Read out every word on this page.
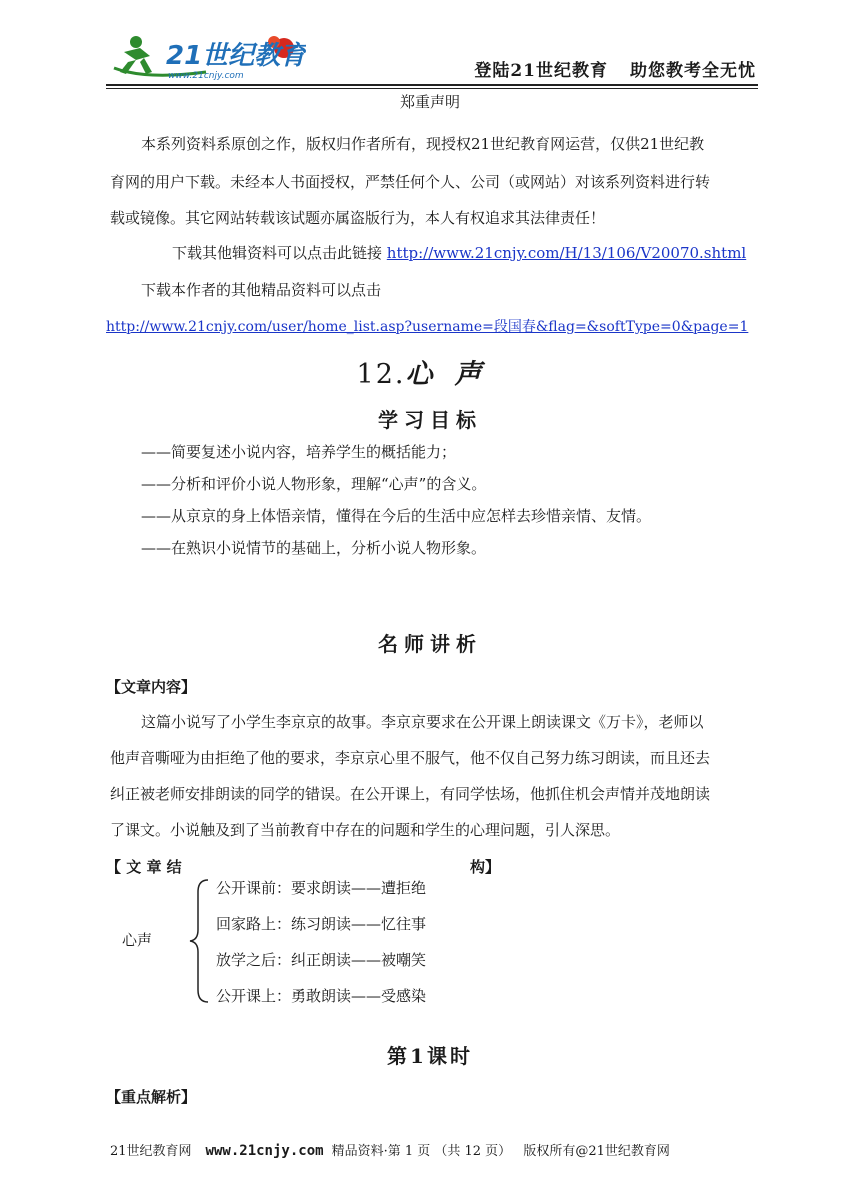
21世纪教育
www.21cnjy.com	登陆21世纪教育 助您教考全无忧
郑重声明
本系列资料系原创之作，版权归作者所有，现授权21世纪教育网运营，仅供21世纪教
育网的用户下载。未经本人书面授权，严禁任何个人、公司（或网站）对该系列资料进行转
载或镜像。其它网站转载该试题亦属盗版行为，本人有权追求其法律责任！
下载其他辑资料可以点击此链接 http://www.21cnjy.com/H/13/106/V20070.shtml
下载本作者的其他精品资料可以点击
http://www.21cnjy.com/user/home_list.asp?username=段国春&flag=&softType=0&page=1
12.心声
学习目标
——简要复述小说内容，培养学生的概括能力；
——分析和评价小说人物形象，理解“心声”的含义。
——从京京的身上体悟亲情，懂得在今后的生活中应怎样去珍惜亲情、友情。
——在熟识小说情节的基础上，分析小说人物形象。
名师讲析
【文章内容】
这篇小说写了小学生李京京的故事。李京京要求在公开课上朗读课文《万卡》，老师以
他声音嘶哑为由拒绝了他的要求，李京京心里不服气，他不仅自己努力练习朗读，而且还去
纠正被老师安排朗读的同学的错误。在公开课上，有同学怯场，他抓住机会声情并茂地朗读
了课文。小说触及到了当前教育中存在的问题和学生的心理问题，引人深思。
【 文 章 结	构】
心声
公开课前：要求朗读——遭拒绝
回家路上：练习朗读——忆往事
放学之后：纠正朗读——被嘲笑
公开课上：勇敢朗读——受感染
第1课时
【重点解析】
21世纪教育网 www.21cnjy.com 精品资料·第 1 页 （共 12 页） 版权所有@21世纪教育网
